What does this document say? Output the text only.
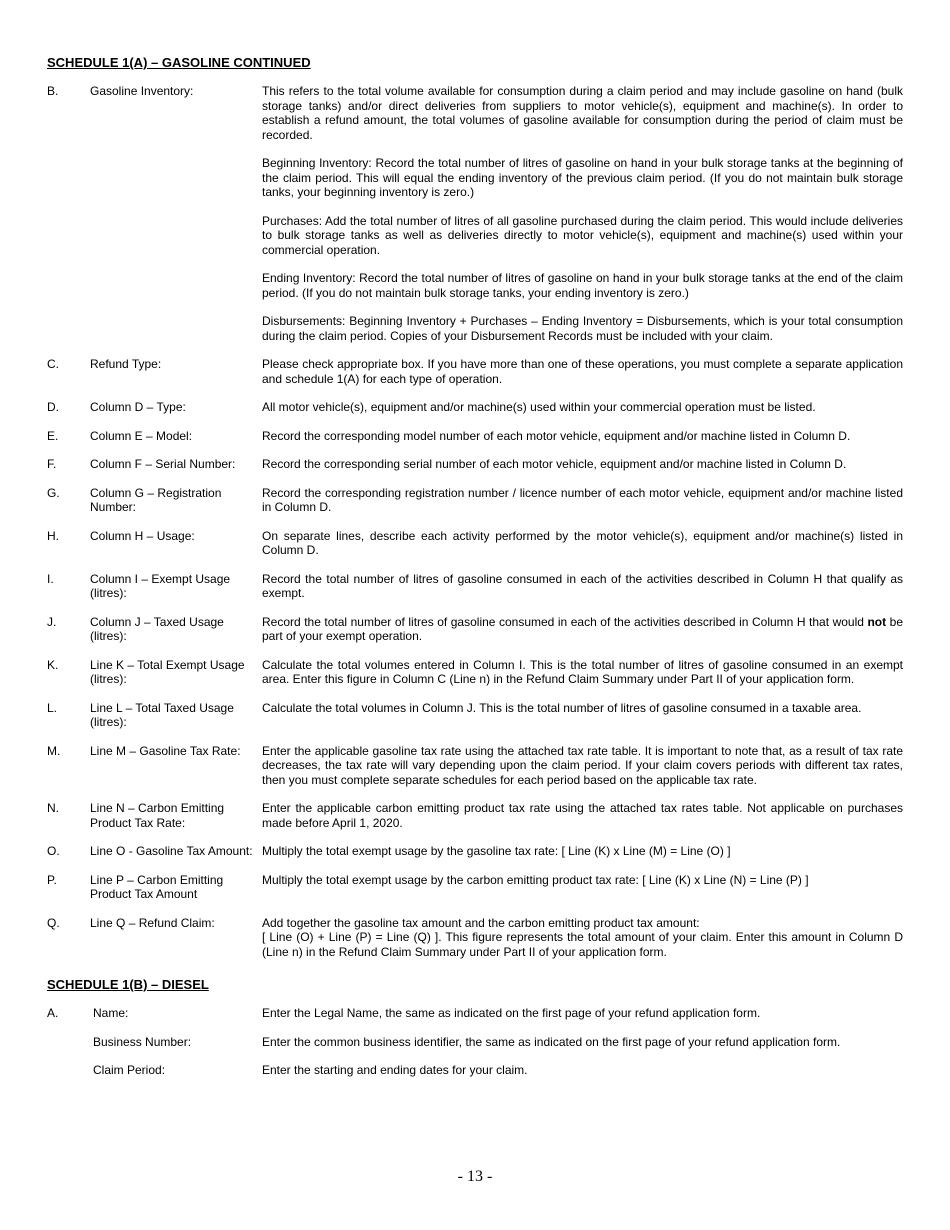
SCHEDULE 1(A) – GASOLINE CONTINUED
B.	Gasoline Inventory:	This refers to the total volume available for consumption during a claim period and may include gasoline on hand (bulk storage tanks) and/or direct deliveries from suppliers to motor vehicle(s), equipment and machine(s). In order to establish a refund amount, the total volumes of gasoline available for consumption during the period of claim must be recorded.

Beginning Inventory: Record the total number of litres of gasoline on hand in your bulk storage tanks at the beginning of the claim period. This will equal the ending inventory of the previous claim period. (If you do not maintain bulk storage tanks, your beginning inventory is zero.)

Purchases: Add the total number of litres of all gasoline purchased during the claim period. This would include deliveries to bulk storage tanks as well as deliveries directly to motor vehicle(s), equipment and machine(s) used within your commercial operation.

Ending Inventory: Record the total number of litres of gasoline on hand in your bulk storage tanks at the end of the claim period. (If you do not maintain bulk storage tanks, your ending inventory is zero.)

Disbursements: Beginning Inventory + Purchases – Ending Inventory = Disbursements, which is your total consumption during the claim period. Copies of your Disbursement Records must be included with your claim.

C.	Refund Type:	Please check appropriate box. If you have more than one of these operations, you must complete a separate application and schedule 1(A) for each type of operation.
D.	Column D – Type:	All motor vehicle(s), equipment and/or machine(s) used within your commercial operation must be listed.
E.	Column E – Model:	Record the corresponding model number of each motor vehicle, equipment and/or machine listed in Column D.
F.	Column F – Serial Number:	Record the corresponding serial number of each motor vehicle, equipment and/or machine listed in Column D.
G.	Column G – Registration Number:
Record the corresponding registration number / licence number of each motor vehicle, equipment and/or machine listed in Column D.
H.	Column H – Usage:	On separate lines, describe each activity performed by the motor vehicle(s), equipment and/or machine(s) listed in Column D.
I.	Column I – Exempt Usage (litres):
Record the total number of litres of gasoline consumed in each of the activities described in Column H that qualify as exempt.
J.	Column J – Taxed Usage (litres):
Record the total number of litres of gasoline consumed in each of the activities described in Column H that would not be part of your exempt operation.
K.	Line K – Total Exempt Usage (litres):
Calculate the total volumes entered in Column I. This is the total number of litres of gasoline consumed in an exempt area. Enter this figure in Column C (Line n) in the Refund Claim Summary under Part II of your application form.
L.	Line L – Total Taxed Usage (litres):
Calculate the total volumes in Column J. This is the total number of litres of gasoline consumed in a taxable area.
M.	Line M – Gasoline Tax Rate:	Enter the applicable gasoline tax rate using the attached tax rate table. It is important to note that, as a result of tax rate decreases, the tax rate will vary depending upon the claim period. If your claim covers periods with different tax rates, then you must complete separate schedules for each period based on the applicable tax rate.
N.	Line N – Carbon Emitting Product Tax Rate:
Enter the applicable carbon emitting product tax rate using the attached tax rates table. Not applicable on purchases made before April 1, 2020.
O.	Line O - Gasoline Tax Amount: Multiply the total exempt usage by the gasoline tax rate: [ Line (K) x Line (M) = Line (O) ]
P.	Line P – Carbon Emitting Product Tax Amount
Multiply the total exempt usage by the carbon emitting product tax rate: [ Line (K) x Line (N) = Line (P) ]
Q.	Line Q – Refund Claim:	Add together the gasoline tax amount and the carbon emitting product tax amount:
[ Line (O) + Line (P) = Line (Q) ]. This figure represents the total amount of your claim. Enter this amount in Column D (Line n) in the Refund Claim Summary under Part II of your application form.
SCHEDULE 1(B) – DIESEL
A.	Name:	Enter the Legal Name, the same as indicated on the first page of your refund application form.
Business Number:	Enter the common business identifier, the same as indicated on the first page of your refund application form.
Claim Period:	Enter the starting and ending dates for your claim.
- 13 -
